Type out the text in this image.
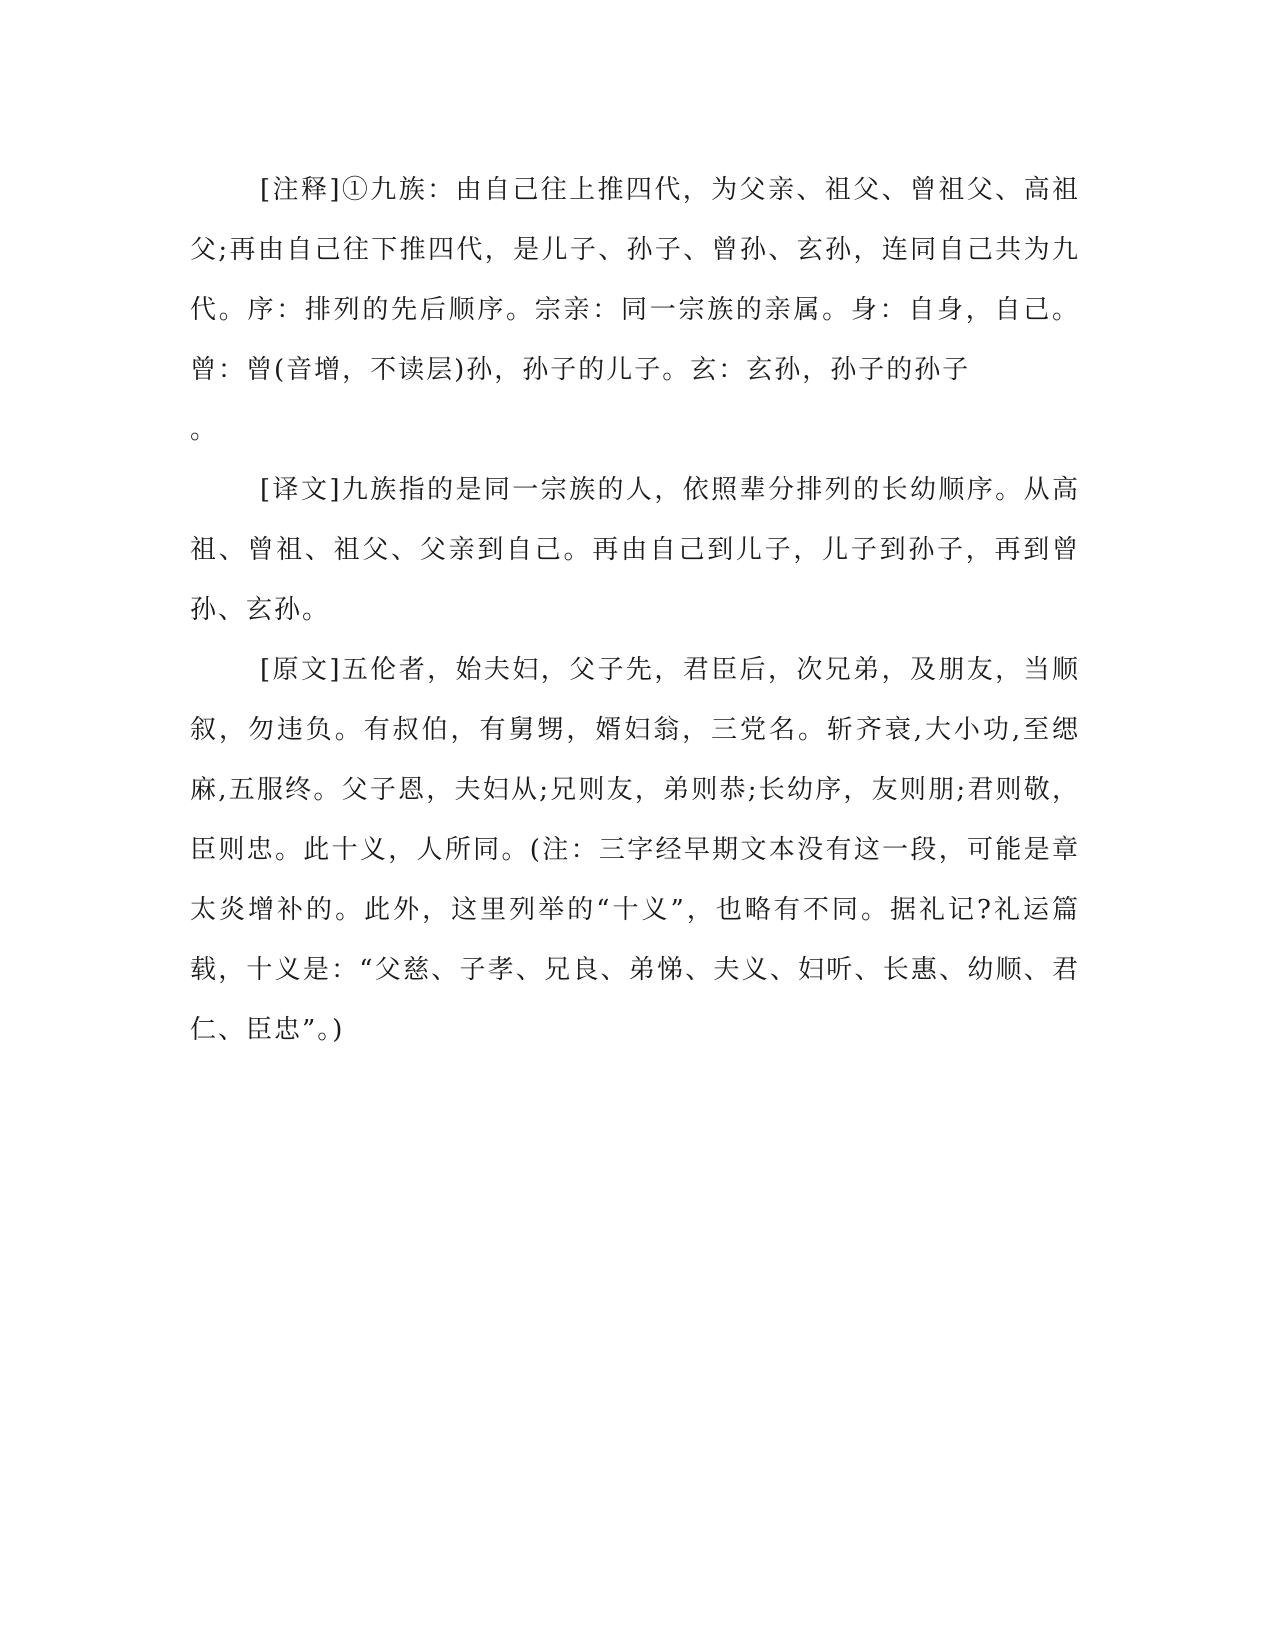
[注释]①九族：由自己往上推四代，为父亲、祖父、曾祖父、高祖父;再由自己往下推四代，是儿子、孙子、曾孙、玄孙，连同自己共为九代。序：排列的先后顺序。宗亲：同一宗族的亲属。身：自身，自己。曾：曾(音增，不读层)孙，孙子的儿子。玄：玄孙，孙子的孙子

。

[译文]九族指的是同一宗族的人，依照辈分排列的长幼顺序。从高祖、曾祖、祖父、父亲到自己。再由自己到儿子，儿子到孙子，再到曾孙、玄孙。

[原文]五伦者，始夫妇，父子先，君臣后，次兄弟，及朋友，当顺叙，勿违负。有叔伯，有舅甥，婿妇翁，三党名。斩齐衰,大小功,至缌麻,五服终。父子恩，夫妇从;兄则友，弟则恭;长幼序，友则朋;君则敬，臣则忠。此十义，人所同。(注：三字经早期文本没有这一段，可能是章太炎增补的。此外，这里列举的“十义”，也略有不同。据礼记?礼运篇载，十义是：“父慈、子孝、兄良、弟悌、夫义、妇听、长惠、幼顺、君仁、臣忠”。)
